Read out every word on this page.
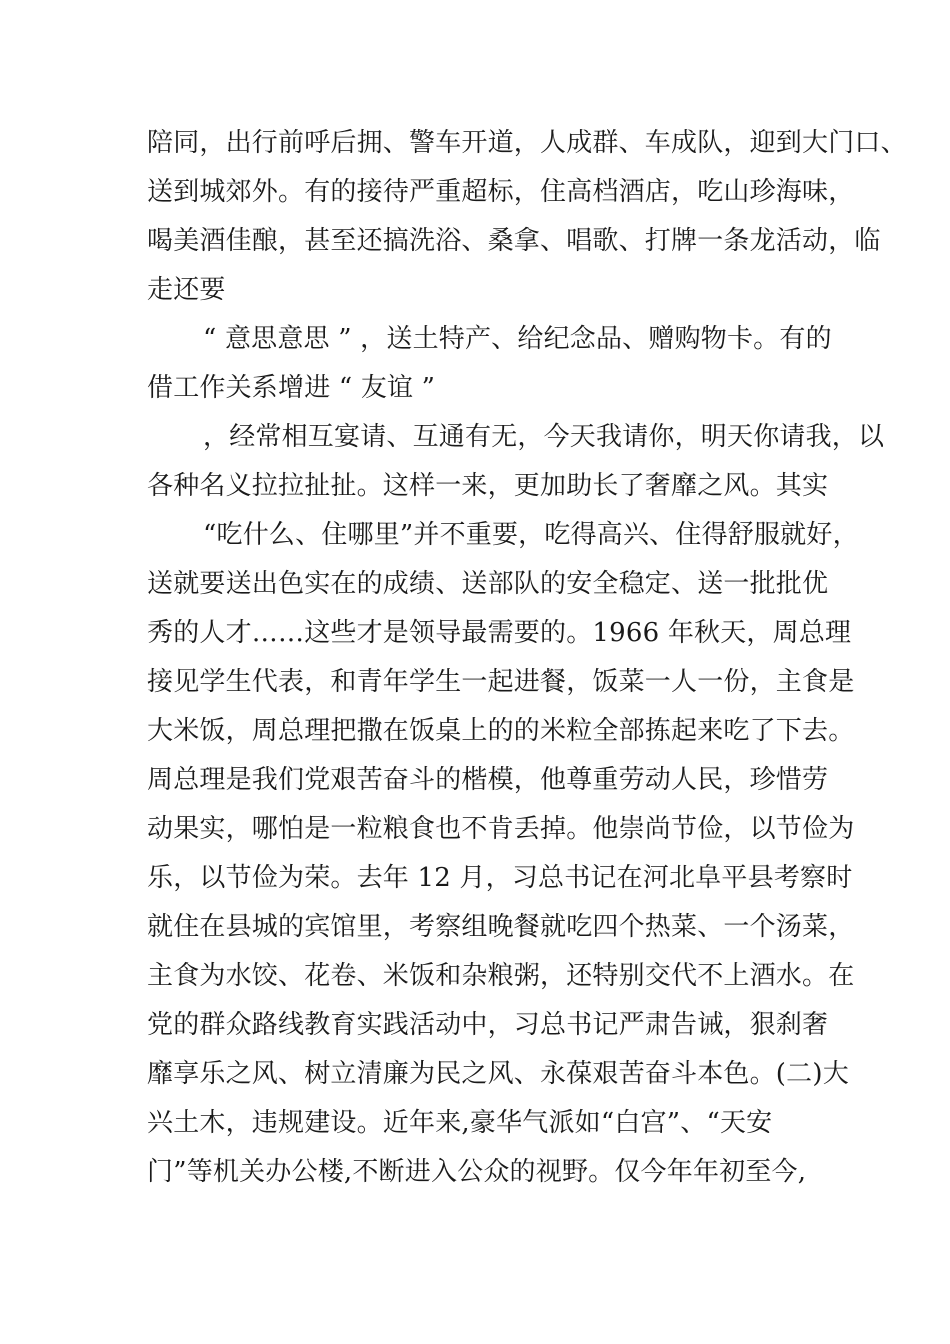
陪同，出行前呼后拥、警车开道，人成群、车成队，迎到大门口、
送到城郊外。有的接待严重超标，住高档酒店，吃山珍海味，
喝美酒佳酿，甚至还搞洗浴、桑拿、唱歌、打牌一条龙活动，临
走还要
“ 意思意思 ” ，送土特产、给纪念品、赠购物卡。有的
借工作关系增进 “ 友谊 ”
，经常相互宴请、互通有无，今天我请你，明天你请我，以
各种名义拉拉扯扯。这样一来，更加助长了奢靡之风。其实
“吃什么、住哪里”并不重要，吃得高兴、住得舒服就好，
送就要送出色实在的成绩、送部队的安全稳定、送一批批优
秀的人才……这些才是领导最需要的。1966 年秋天，周总理
接见学生代表，和青年学生一起进餐，饭菜一人一份，主食是
大米饭，周总理把撒在饭桌上的的米粒全部拣起来吃了下去。
周总理是我们党艰苦奋斗的楷模，他尊重劳动人民，珍惜劳
动果实，哪怕是一粒粮食也不肯丢掉。他崇尚节俭，以节俭为
乐，以节俭为荣。去年 12 月，习总书记在河北阜平县考察时
就住在县城的宾馆里，考察组晚餐就吃四个热菜、一个汤菜，
主食为水饺、花卷、米饭和杂粮粥，还特别交代不上酒水。在
党的群众路线教育实践活动中，习总书记严肃告诫，狠刹奢
靡享乐之风、树立清廉为民之风、永葆艰苦奋斗本色。(二)大
兴土木，违规建设。近年来,豪华气派如“白宫”、“天安
门”等机关办公楼,不断进入公众的视野。仅今年年初至今,
